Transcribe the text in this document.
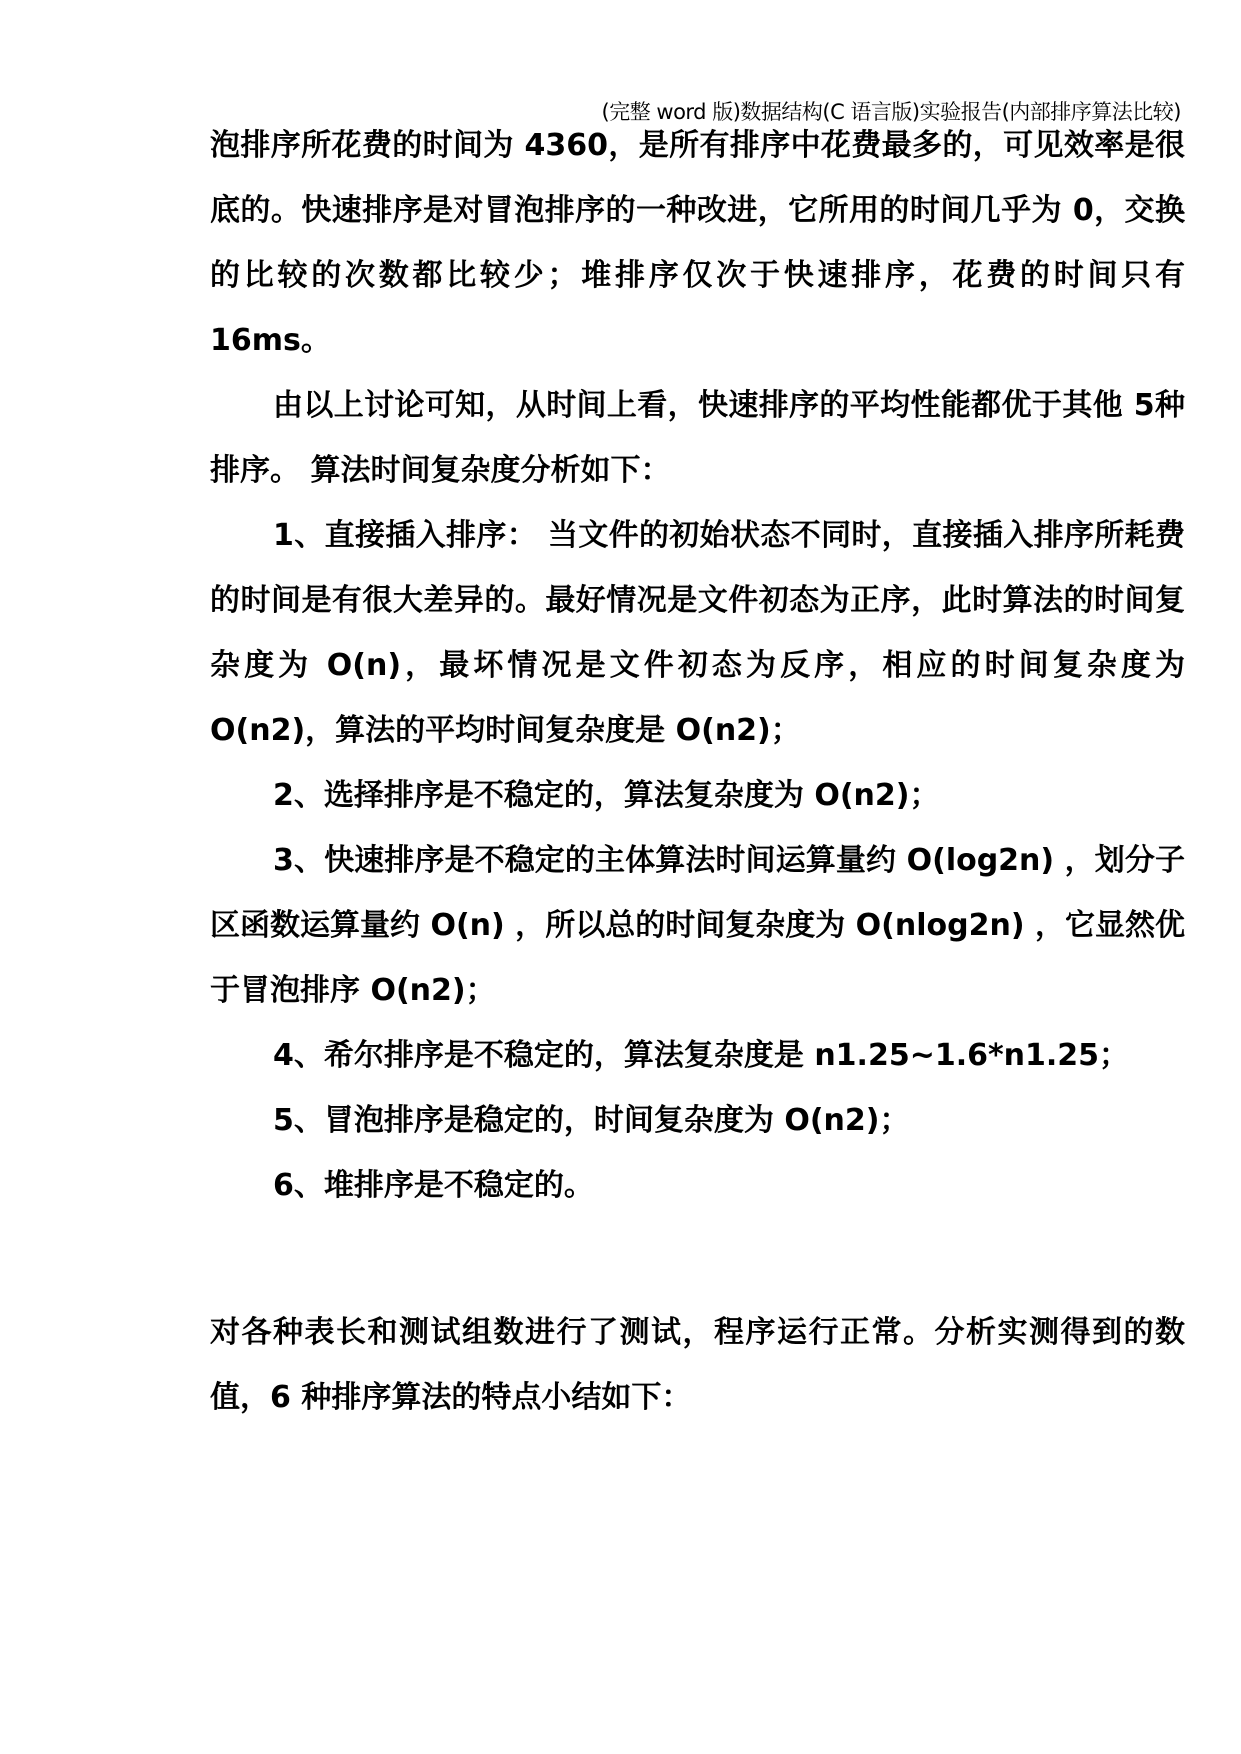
(完整 word 版)数据结构(C 语言版)实验报告(内部排序算法比较)

泡排序所花费的时间为 4360，是所有排序中花费最多的，可见效率是很底的。快速排序是对冒泡排序的一种改进，它所用的时间几乎为 0，交换的比较的次数都比较少；堆排序仅次于快速排序，花费的时间只有16ms。

由以上讨论可知，从时间上看，快速排序的平均性能都优于其他 5种排序。 算法时间复杂度分析如下：

1、直接插入排序： 当文件的初始状态不同时，直接插入排序所耗费的时间是有很大差异的。最好情况是文件初态为正序，此时算法的时间复杂度为 O(n)，最坏情况是文件初态为反序，相应的时间复杂度为O(n2)，算法的平均时间复杂度是 O(n2)；

2、选择排序是不稳定的，算法复杂度为 O(n2)；

3、快速排序是不稳定的主体算法时间运算量约 O(log2n) ，划分子区函数运算量约 O(n) ，所以总的时间复杂度为 O(nlog2n) ，它显然优于冒泡排序 O(n2)；

4、希尔排序是不稳定的，算法复杂度是 n1.25~1.6*n1.25；

5、冒泡排序是稳定的，时间复杂度为 O(n2)；

6、堆排序是不稳定的。

对各种表长和测试组数进行了测试，程序运行正常。分析实测得到的数值，6 种排序算法的特点小结如下：
